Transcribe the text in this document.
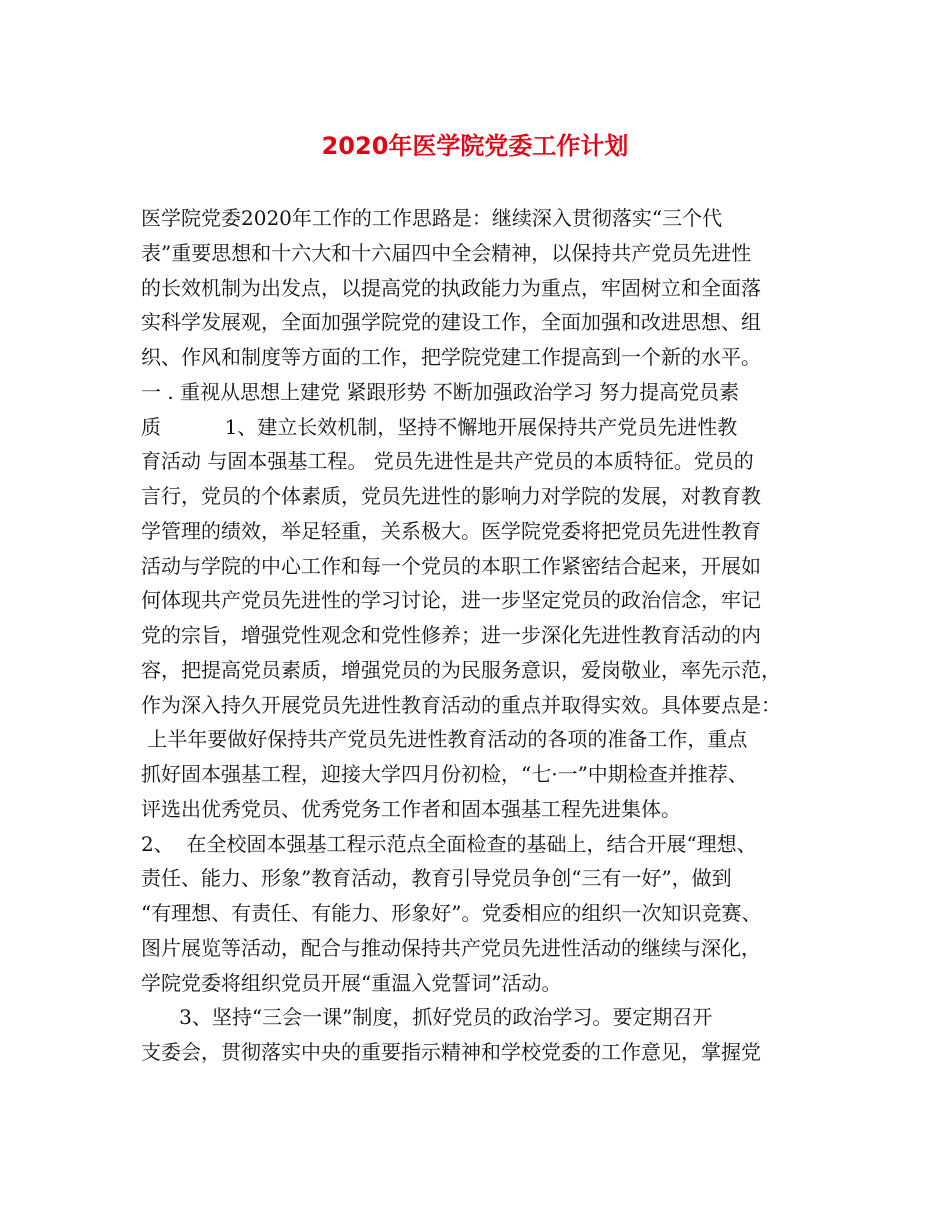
2020年医学院党委工作计划
医学院党委2020年工作的工作思路是：继续深入贯彻落实“三个代
表”重要思想和十六大和十六届四中全会精神，以保持共产党员先进性
的长效机制为出发点，以提高党的执政能力为重点，牢固树立和全面落
实科学发展观，全面加强学院党的建设工作，全面加强和改进思想、组
织、作风和制度等方面的工作，把学院党建工作提高到一个新的水平。
一 . 重视从思想上建党 紧跟形势 不断加强政治学习 努力提高党员素
质          1、建立长效机制，坚持不懈地开展保持共产党员先进性教
育活动 与固本强基工程。 党员先进性是共产党员的本质特征。党员的
言行，党员的个体素质，党员先进性的影响力对学院的发展，对教育教
学管理的绩效，举足轻重，关系极大。医学院党委将把党员先进性教育
活动与学院的中心工作和每一个党员的本职工作紧密结合起来，开展如
何体现共产党员先进性的学习讨论，进一步坚定党员的政治信念，牢记
党的宗旨，增强党性观念和党性修养；进一步深化先进性教育活动的内
容，把提高党员素质，增强党员的为民服务意识，爱岗敬业，率先示范，
作为深入持久开展党员先进性教育活动的重点并取得实效。具体要点是：
上半年要做好保持共产党员先进性教育活动的各项的准备工作，重点
抓好固本强基工程，迎接大学四月份初检，“七·一”中期检查并推荐、
评选出优秀党员、优秀党务工作者和固本强基工程先进集体。
2、  在全校固本强基工程示范点全面检查的基础上，结合开展“理想、
责任、能力、形象”教育活动，教育引导党员争创“三有一好”，做到
“有理想、有责任、有能力、形象好”。党委相应的组织一次知识竞赛、
图片展览等活动，配合与推动保持共产党员先进性活动的继续与深化，
学院党委将组织党员开展“重温入党誓词”活动。
3、坚持“三会一课”制度，抓好党员的政治学习。要定期召开
支委会，贯彻落实中央的重要指示精神和学校党委的工作意见，掌握党
